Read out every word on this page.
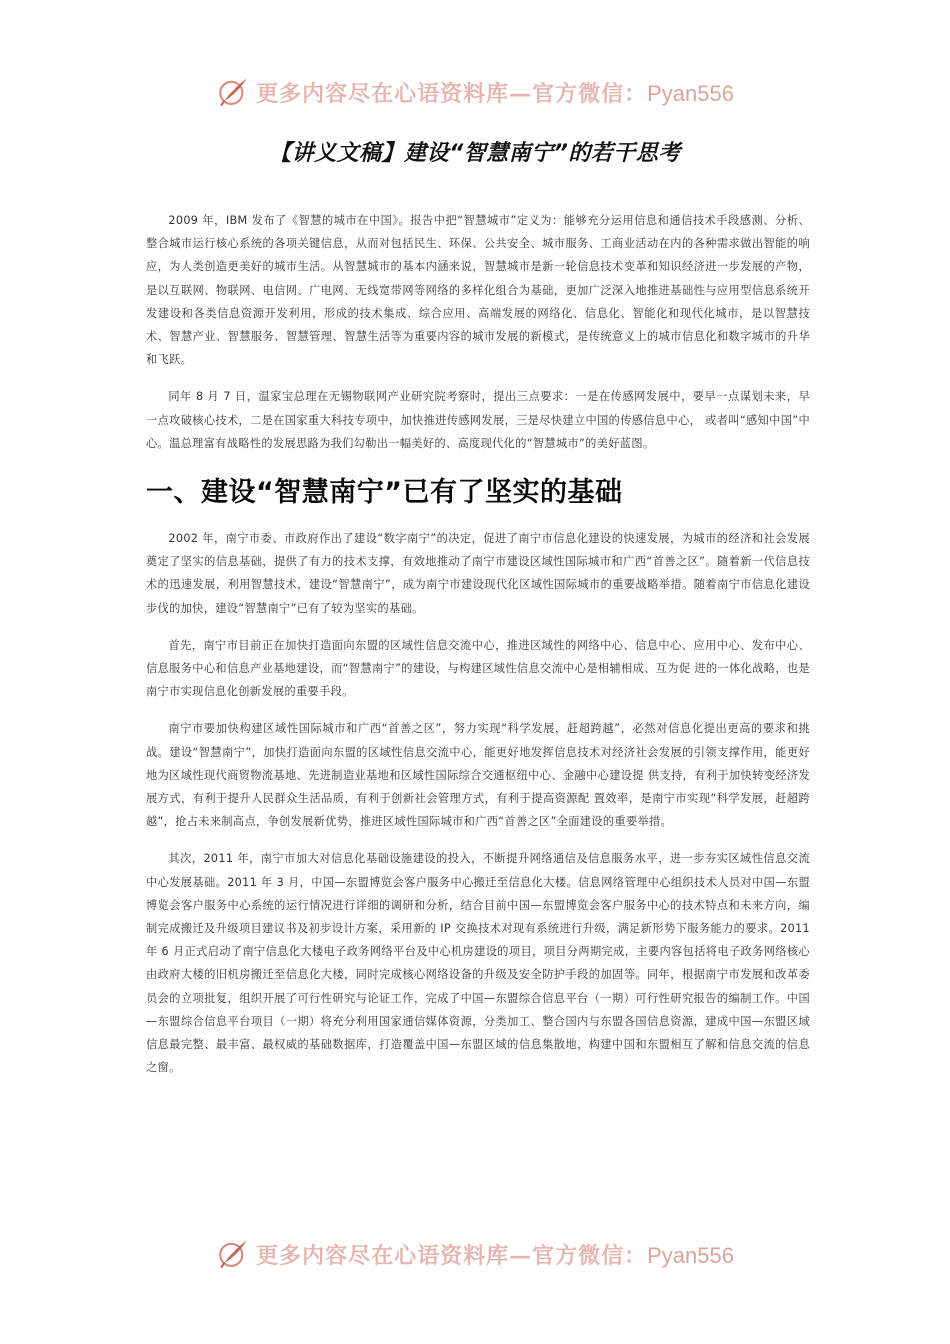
更多内容尽在心语资料库—官方微信：Pyan556
【讲义文稿】建设“智慧南宁”的若干思考

2009 年，IBM 发布了《智慧的城市在中国》。报告中把“智慧城市”定义为：能够充分运用信息和通信技术手段感测、分析、整合城市运行核心系统的各项关键信息，从而对包括民生、环保、公共安全、城市服务、工商业活动在内的各种需求做出智能的响应，为人类创造更美好的城市生活。从智慧城市的基本内涵来说，智慧城市是新一轮信息技术变革和知识经济进一步发展的产物，是以互联网、物联网、电信网、广电网、无线宽带网等网络的多样化组合为基础，更加广泛深入地推进基础性与应用型信息系统开发建设和各类信息资源开发利用，形成的技术集成、综合应用、高端发展的网络化、信息化、智能化和现代化城市，是以智慧技术、智慧产业、智慧服务、智慧管理、智慧生活等为重要内容的城市发展的新模式，是传统意义上的城市信息化和数字城市的升华和飞跃。

同年 8 月 7 日，温家宝总理在无锡物联网产业研究院考察时，提出三点要求：一是在传感网发展中，要早一点谋划未来，早一点攻破核心技术，二是在国家重大科技专项中，加快推进传感网发展，三是尽快建立中国的传感信息中心， 或者叫“感知中国”中心。温总理富有战略性的发展思路为我们勾勒出一幅美好的、高度现代化的“智慧城市”的美好蓝图。

一、建设“智慧南宁”已有了坚实的基础

2002 年，南宁市委、市政府作出了建设“数字南宁”的决定，促进了南宁市信息化建设的快速发展，为城市的经济和社会发展奠定了坚实的信息基础，提供了有力的技术支撑，有效地推动了南宁市建设区域性国际城市和广西“首善之区”。随着新一代信息技术的迅速发展，利用智慧技术，建设“智慧南宁”，成为南宁市建设现代化区域性国际城市的重要战略举措。随着南宁市信息化建设步伐的加快，建设“智慧南宁”已有了较为坚实的基础。

首先，南宁市目前正在加快打造面向东盟的区域性信息交流中心，推进区域性的网络中心、信息中心、应用中心、发布中心、信息服务中心和信息产业基地建设，而“智慧南宁”的建设，与构建区域性信息交流中心是相辅相成、互为促 进的一体化战略，也是南宁市实现信息化创新发展的重要手段。

南宁市要加快构建区域性国际城市和广西“首善之区”，努力实现“科学发展，赶超跨越”，必然对信息化提出更高的要求和挑战。建设“智慧南宁”，加快打造面向东盟的区域性信息交流中心，能更好地发挥信息技术对经济社会发展的引领支撑作用，能更好地为区域性现代商贸物流基地、先进制造业基地和区域性国际综合交通枢纽中心、金融中心建设提 供支持，有利于加快转变经济发展方式，有利于提升人民群众生活品质，有利于创新社会管理方式，有利于提高资源配 置效率，是南宁市实现“科学发展，赶超跨越”，抢占未来制高点，争创发展新优势，推进区域性国际城市和广西“首善之区”全面建设的重要举措。

其次，2011 年，南宁市加大对信息化基础设施建设的投入，不断提升网络通信及信息服务水平，进一步夯实区域性信息交流中心发展基础。2011 年 3 月，中国—东盟博览会客户服务中心搬迁至信息化大楼。信息网络管理中心组织技术人员对中国—东盟博览会客户服务中心系统的运行情况进行详细的调研和分析，结合目前中国—东盟博览会客户服务中心的技术特点和未来方向，编制完成搬迁及升级项目建议书及初步设计方案，采用新的 IP 交换技术对现有系统进行升级，满足新形势下服务能力的要求。2011 年 6 月正式启动了南宁信息化大楼电子政务网络平台及中心机房建设的项目，项目分两期完成，主要内容包括将电子政务网络核心由政府大楼的旧机房搬迁至信息化大楼，同时完成核心网络设备的升级及安全防护手段的加固等。同年，根据南宁市发展和改革委员会的立项批复，组织开展了可行性研究与论证工作，完成了中国—东盟综合信息平台（一期）可行性研究报告的编制工作。中国—东盟综合信息平台项目（一期）将充分利用国家通信媒体资源，分类加工、整合国内与东盟各国信息资源，建成中国—东盟区域信息最完整、最丰富、最权威的基础数据库，打造覆盖中国—东盟区域的信息集散地，构建中国和东盟相互了解和信息交流的信息之窗。

更多内容尽在心语资料库—官方微信：Pyan556
